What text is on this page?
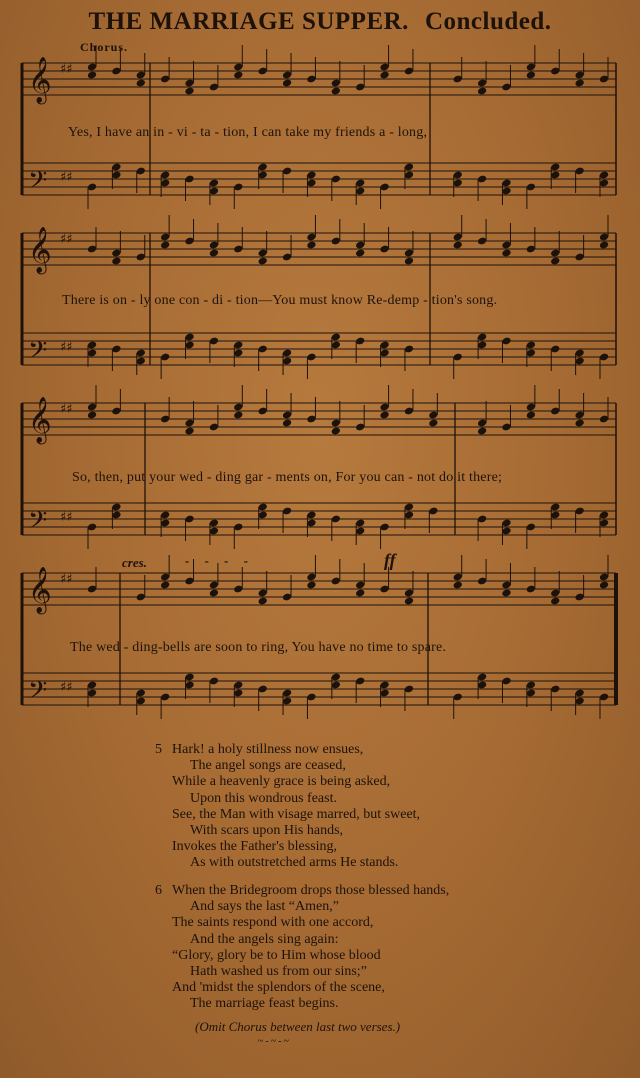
THE MARRIAGE SUPPER. Concluded.
Chorus.
𝄞 ♯♯
𝄢 ♯♯
𝄞 ♯♯
𝄢 ♯♯
𝄞 ♯♯
𝄢 ♯♯
𝄞 ♯♯
𝄢 ♯♯
Yes, I have an in - vi - ta - tion, I can take my friends a - long,
There is on - ly one con - di - tion—You must know Re-demp - tion's song.
So, then, put your wed - ding gar - ments on, For you can - not do it there;
The wed - ding-bells are soon to ring, You have no time to spare.
cres.	- - - -	ff
5 Hark! a holy stillness now ensues,
The angel songs are ceased,
While a heavenly grace is being asked,
Upon this wondrous feast.
See, the Man with visage marred, but sweet,
With scars upon His hands,
Invokes the Father's blessing,
As with outstretched arms He stands.
6 When the Bridegroom drops those blessed hands,
And says the last “Amen,”
The saints respond with one accord,
And the angels sing again:
“Glory, glory be to Him whose blood
Hath washed us from our sins;”
And 'midst the splendors of the scene,
The marriage feast begins.
(Omit Chorus between last two verses.)
~-~-~
